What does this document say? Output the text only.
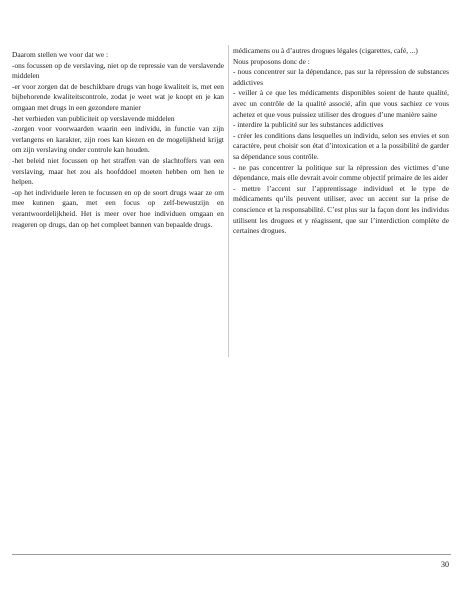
Daarom stellen we voor dat we :
-ons focussen op de verslaving, niet op de repressie van de verslavende middelen
-er voor zorgen dat de beschikbare drugs van hoge kwaliteit is, met een bijbehorende kwaliteitscontrole, zodat je weet wat je koopt en je kan omgaan met drugs in een gezondere manier
-het verbieden van publiciteit op verslavende middelen
-zorgen voor voorwaarden waarin een individu, in functie van zijn verlangens en karakter, zijn roes kan kiezen en de mogelijkheid krijgt om zijn verslaving onder controle kan houden.
-het beleid niet focussen op het straffen van de slachtoffers van een verslaving, maar het zou als hoofddoel moeten hebben om hen te helpen.
-op het individuele leren te focussen en op de soort drugs waar ze om mee kunnen gaan, met een focus op zelf-bewustzijn en verantwoordelijkheid. Het is meer over hoe individuen omgaan en reageren op drugs, dan op het compleet bannen van bepaalde drugs.
médicamens ou à d’autres drogues légales (cigarettes, café, ...)
Nous proposons donc de :
- nous concentrer sur la dépendance, pas sur la répression de substances addictives
- veiller à ce que les médicaments disponibles soient de haute qualité, avec un contrôle de la qualité associé, afin que vous sachiez ce vous achetez et que vous puissiez utiliser des drogues d’une manière saine
- interdire la publicité sur les substances addictives
- créer les conditions dans lesquelles un individu, selon ses envies et son caractère, peut choisir son état d’intoxication et a la possibilité de garder sa dépendance sous contrôle.
- ne pas concentrer la politique sur la répression des victimes d’une dépendance, mais elle devrait avoir comme objectif primaire de les aider
- mettre l’accent sur l’apprentissage individuel et le type de médicaments qu’ils peuvent utiliser, avec un accent sur la prise de conscience et la responsabilité. C’est plus sur la façon dont les individus utilisent les drogues et y réagissent, que sur l’interdiction complète de certaines drogues.
30
